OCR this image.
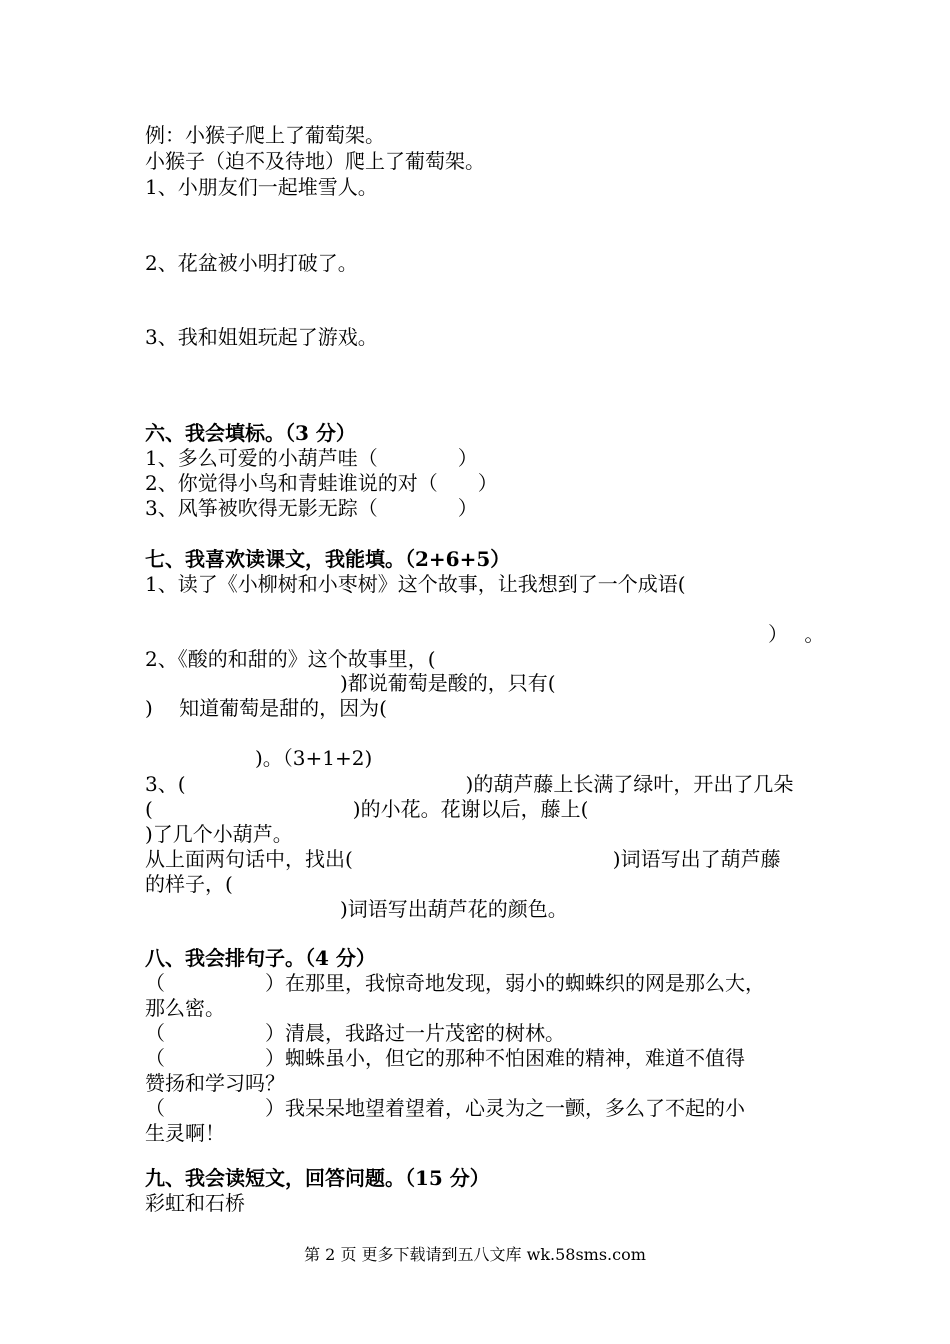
例：小猴子爬上了葡萄架。
小猴子（迫不及待地）爬上了葡萄架。
1、小朋友们一起堆雪人。
2、花盆被小明打破了。
3、我和姐姐玩起了游戏。
六、我会填标。（3 分）
1、多么可爱的小葫芦哇（　　　　）
2、你觉得小鸟和青蛙谁说的对（　　）
3、风筝被吹得无影无踪（　　　　）
七、我喜欢读课文，我能填。（2+6+5）
1、读了《小柳树和小枣树》这个故事，让我想到了一个成语(
）　 。
2、《酸的和甜的》这个故事里，(
)都说葡萄是酸的，只有(
)　 知道葡萄是甜的，因为(
)。（3+1+2)
3、(　　　　　　　　　　　　　　)的葫芦藤上长满了绿叶，开出了几朵
(　　　　　　　　　　)的小花。花谢以后，藤上(
)了几个小葫芦。
从上面两句话中，找出(　　　　　　　　　　　　　)词语写出了葫芦藤
的样子，(
)词语写出葫芦花的颜色。
八、我会排句子。（4 分）
（　　　　　）在那里，我惊奇地发现，弱小的蜘蛛织的网是那么大，
那么密。
（　　　　　）清晨，我路过一片茂密的树林。
（　　　　　）蜘蛛虽小，但它的那种不怕困难的精神，难道不值得
赞扬和学习吗？
（　　　　　）我呆呆地望着望着，心灵为之一颤，多么了不起的小
生灵啊！
九、我会读短文，回答问题。（15 分）
彩虹和石桥
第 2 页 更多下载请到五八文库 wk.58sms.com
